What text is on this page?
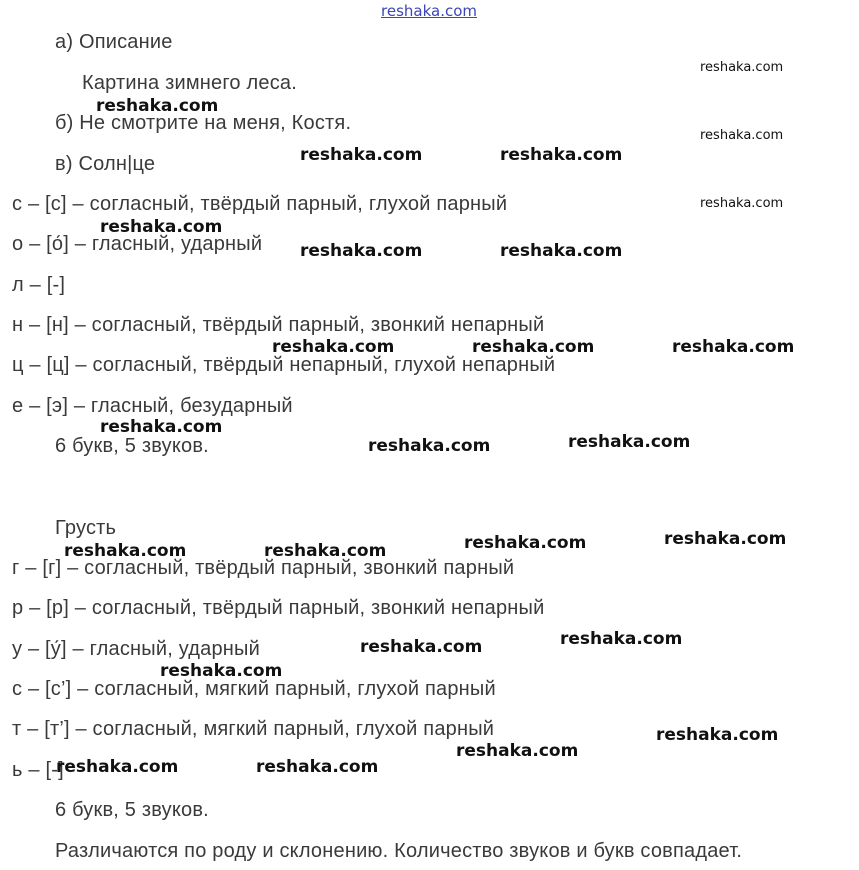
reshaka.com
а) Описание
Картина зимнего леса.
б) Не смотрите на меня, Костя.
в) Солн|це
с – [с] – согласный, твёрдый парный, глухой парный
о – [о́] – гласный, ударный
л – [-]
н – [н] – согласный, твёрдый парный, звонкий непарный
ц – [ц] – согласный, твёрдый непарный, глухой непарный
е – [э] – гласный, безударный
6 букв, 5 звуков.
Грусть
г – [г] – согласный, твёрдый парный, звонкий парный
р – [р] – согласный, твёрдый парный, звонкий непарный
у – [у́] – гласный, ударный
с – [с’] – согласный, мягкий парный, глухой парный
т – [т’] – согласный, мягкий парный, глухой парный
ь – [-]
6 букв, 5 звуков.
Различаются по роду и склонению. Количество звуков и букв совпадает.
reshaka.com
reshaka.com
reshaka.com
reshaka.com	reshaka.com
reshaka.com
reshaka.com
reshaka.com	reshaka.com
reshaka.com	reshaka.com	reshaka.com
reshaka.com
reshaka.com	reshaka.com
reshaka.com
reshaka.com
reshaka.com	reshaka.com
reshaka.com
reshaka.com
reshaka.com
reshaka.com
reshaka.com
reshaka.com	reshaka.com
